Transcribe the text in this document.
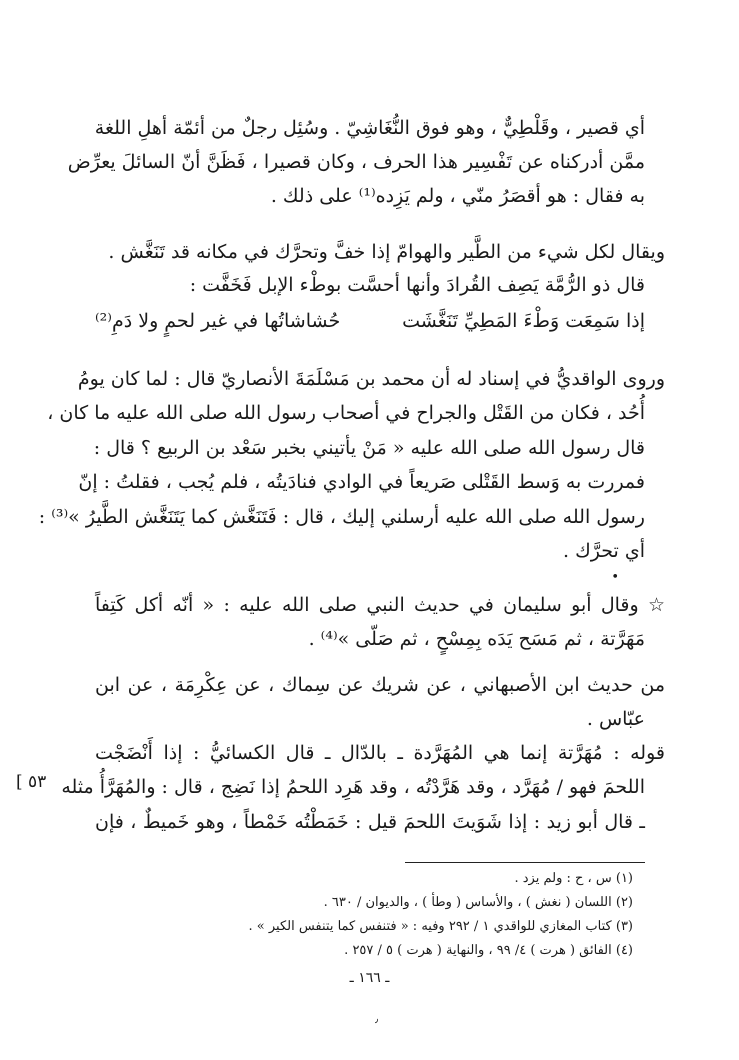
أي قصير ، وقَلْطِيٌّ ، وهو فوق النُّغَاشِيّ . وسُئِل رجلٌ من أئمّة أهلِ اللغة
ممَّن أدركناه عن تَفْسِير هذا الحرف ، وكان قصيرا ، فَظَنَّ أنّ السائلَ يعرِّض
به فقال : هو أقصَرُ منّي ، ولم يَزِده⁽¹⁾ على ذلك .
ويقال لكل شيء من الطَّير والهوامّ إذا خفَّ وتحرَّك في مكانه قد تَنَغَّش .
قال ذو الرُّمَّة يَصِف القُرادَ وأنها أحسَّت بوطْء الإبل فَخَفَّت :
إذا سَمِعَت وَطْءَ المَطِيِّ تَنَغَّشَت
حُشاشاتُها في غير لحمٍ ولا دَمِ⁽²⁾
وروى الواقديُّ في إسناد له أن محمد بن مَسْلَمَةَ الأنصاريّ قال : لما كان يومُ
أُحُد ، فكان من القَتْل والجراح في أصحاب رسول الله صلى الله عليه ما كان ،
قال رسول الله صلى الله عليه « مَنْ يأتيني بخبر سَعْد بن الربيع ؟ قال :
فمررت به وَسط القَتْلى صَريعاً في الوادي فنادَيتُه ، فلم يُجب ، فقلتُ : إنّ
رسول الله صلى الله عليه أرسلني إليك ، قال : فَتَنَغَّش كما يَتَنَغَّش الطَّيرُ »⁽³⁾ :
أي تحرَّك .
•
☆ وقال أبو سليمان في حديث النبي صلى الله عليه : « أنّه أكل كَتِفاً
مَهَرَّتة ، ثم مَسَح يَدَه بِمِسْحٍ ، ثم صَلّى »⁽⁴⁾ .
من حديث ابن الأصبهاني ، عن شريك عن سِماك ، عن عِكْرِمَة ، عن ابن
عبّاس .
قوله : مُهَرَّتة إنما هي المُهَرَّدة ـ بالدّال ـ قال الكسائيُّ : إذا أَنْضَجْت
اللحمَ فهو / مُهَرَّد ، وقد هَرَّدْتُه ، وقد هَرِد اللحمُ إذا نَضِج ، قال : والمُهَرَّأُ مثله
ـ قال أبو زيد : إذا شَوَيتَ اللحمَ قيل : خَمَطْتُه خَمْطاً ، وهو خَميطٌ ، فإن
[ ٥٣
(١) س ، ح : ولم يزد .
(٢) اللسان ( نغش ) ، والأساس ( وطأ ) ، والديوان / ٦٣٠ .
(٣) كتاب المغازي للواقدي ١ / ٢٩٢ وفيه : « فتنفس كما يتنفس الكير » .
(٤) الفائق ( هرت ) ٤/ ٩٩ ، والنهاية ( هرت ) ٥ / ٢٥٧ .
ـ ١٦٦ ـ
٫
